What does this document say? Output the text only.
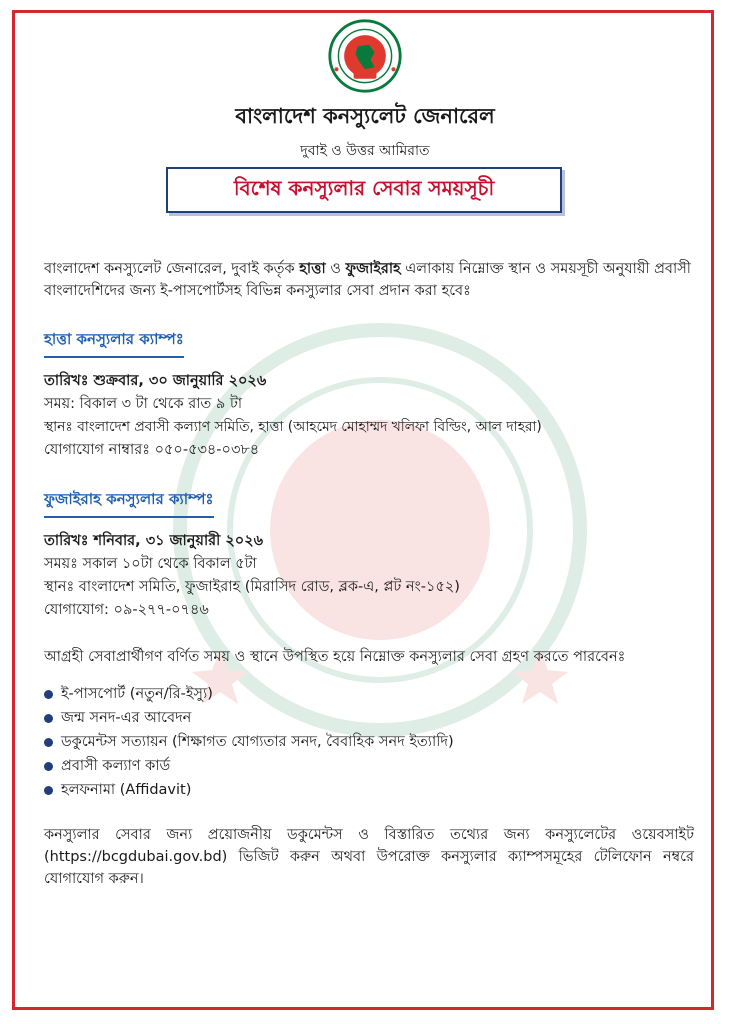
বাংলাদেশ কনস্যুলেট জেনারেল
দুবাই ও উত্তর আমিরাত
বিশেষ কনস্যুলার সেবার সময়সূচী

বাংলাদেশ কনস্যুলেট জেনারেল, দুবাই কর্তৃক হাত্তা ও ফুজাইরাহ এলাকায় নিম্নোক্ত স্থান ও সময়সূচী অনুযায়ী প্রবাসী বাংলাদেশিদের জন্য ই-পাসপোর্টসহ বিভিন্ন কনস্যুলার সেবা প্রদান করা হবেঃ

হাত্তা কনস্যুলার ক্যাম্পঃ
তারিখঃ শুক্রবার, ৩০ জানুয়ারি ২০২৬
সময়: বিকাল ৩ টা থেকে রাত ৯ টা
স্থানঃ বাংলাদেশ প্রবাসী কল্যাণ সমিতি, হাত্তা (আহমেদ মোহাম্মদ খলিফা বিল্ডিং, আল দাহরা)
যোগাযোগ নাম্বারঃ ০৫০-৫৩৪-০৩৮৪
ফুজাইরাহ কনস্যুলার ক্যাম্পঃ
তারিখঃ শনিবার, ৩১ জানুয়ারী ২০২৬
সময়ঃ সকাল ১০টা থেকে বিকাল ৫টা
স্থানঃ বাংলাদেশ সমিতি, ফুজাইরাহ (মিরাসিদ রোড, ব্লক-এ, প্লট নং-১৫২)
যোগাযোগ: ০৯-২৭৭-০৭৪৬
আগ্রহী সেবাপ্রার্থীগণ বর্ণিত সময় ও স্থানে উপস্থিত হয়ে নিম্নোক্ত কনস্যুলার সেবা গ্রহণ করতে পারবেনঃ
ই-পাসপোর্ট (নতুন/রি-ইস্যু)
জন্ম সনদ-এর আবেদন
ডকুমেন্টস সত্যায়ন (শিক্ষাগত যোগ্যতার সনদ, বৈবাহিক সনদ ইত্যাদি)
প্রবাসী কল্যাণ কার্ড
হলফনামা (Affidavit)
কনস্যুলার সেবার জন্য প্রয়োজনীয় ডকুমেন্টস ও বিস্তারিত তথ্যের জন্য কনস্যুলেটের ওয়েবসাইট (https://bcgdubai.gov.bd) ভিজিট করুন অথবা উপরোক্ত কনস্যুলার ক্যাম্পসমূহের টেলিফোন নম্বরে যোগাযোগ করুন।
